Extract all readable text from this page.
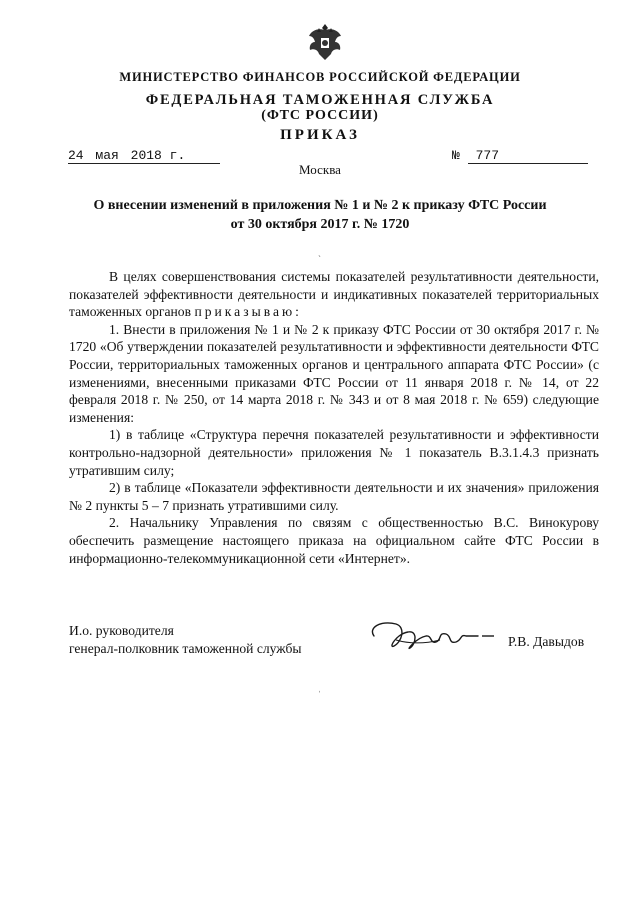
МИНИСТЕРСТВО ФИНАНСОВ РОССИЙСКОЙ ФЕДЕРАЦИИ
ФЕДЕРАЛЬНАЯ ТАМОЖЕННАЯ СЛУЖБА
(ФТС РОССИИ)
ПРИКАЗ
24 мая 2018 г.	№ 777
Москва
О внесении изменений в приложения № 1 и № 2 к приказу ФТС России
от 30 октября 2017 г. № 1720
ˋ

В целях совершенствования системы показателей результативности деятельности, показателей эффективности деятельности и индикативных показателей территориальных таможенных органов приказываю:

1. Внести в приложения № 1 и № 2 к приказу ФТС России от 30 октября 2017 г. № 1720 «Об утверждении показателей результативности и эффективности деятельности ФТС России, территориальных таможенных органов и центрального аппарата ФТС России» (с изменениями, внесенными приказами ФТС России от 11 января 2018 г. № 14, от 22 февраля 2018 г. № 250, от 14 марта 2018 г. № 343 и от 8 мая 2018 г. № 659) следующие изменения:

1) в таблице «Структура перечня показателей результативности и эффективности контрольно-надзорной деятельности» приложения № 1 показатель В.3.1.4.3 признать утратившим силу;

2) в таблице «Показатели эффективности деятельности и их значения» приложения № 2 пункты 5 – 7 признать утратившими силу.

2. Начальнику Управления по связям с общественностью В.С. Винокурову обеспечить размещение настоящего приказа на официальном сайте ФТС России в информационно-телекоммуникационной сети «Интернет».

И.о. руководителя
генерал-полковник таможенной службы	Р.В. Давыдов
ˌ
